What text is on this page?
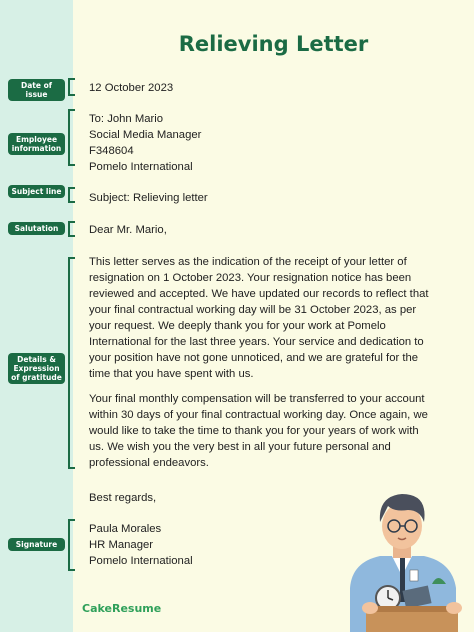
Relieving Letter
Date of issue
Employee information
Subject line
Salutation
Details & Expression of gratitude
Signature
12 October 2023
To: John Mario
Social Media Manager
F348604
Pomelo International
Subject: Relieving letter
Dear Mr. Mario,
This letter serves as the indication of the receipt of your letter of
resignation on 1 October 2023. Your resignation notice has been
reviewed and accepted. We have updated our records to reflect that
your final contractual working day will be 31 October 2023, as per
your request. We deeply thank you for your work at Pomelo
International for the last three years. Your service and dedication to
your position have not gone unnoticed, and we are grateful for the
time that you have spent with us.
Your final monthly compensation will be transferred to your account
within 30 days of your final contractual working day. Once again, we
would like to take the time to thank you for your years of work with
us. We wish you the very best in all your future personal and
professional endeavors.
Best regards,
Paula Morales
HR Manager
Pomelo International
CakeResume
